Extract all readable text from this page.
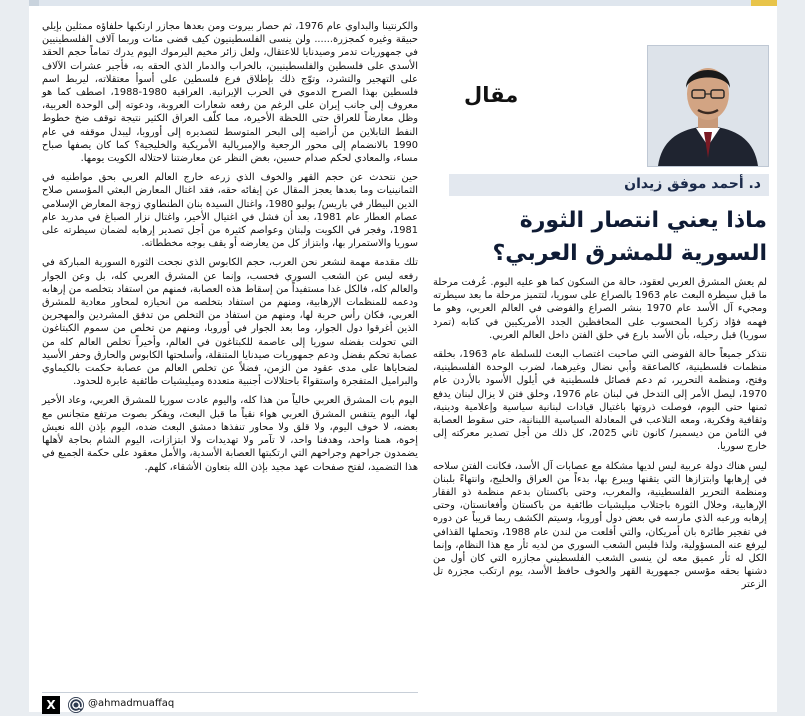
والكرنتينا والبداوي عام 1976، ثم حصار بيروت ومن بعدها مجازر ارتكبها حلفاؤه ممثلين بإيلي حبيقة وغيره كمجزرة...... ولن ينسى الفلسطينيون كيف قضى مئات وربما آلاف الفلسطينيين في جمهوريات تدمر وصيدنايا للاعتقال، ولعل زائر مخيم اليرموك اليوم يدرك تماماً حجم الحقد الأسدي على فلسطين والفلسطينيين، بالخراب والدمار الذي الحقه به، فأجبر عشرات الآلاف على التهجير والتشرد، وتوّج ذلك بإطلاق فرع فلسطين على أسوأ معتقلاته، ليربط اسم فلسطين بهذا الصرح الدموي في الحرب الإيرانية. العراقية 1980-1988، اصطف كما هو معروف إلى جانب إيران على الرغم من رفعه شعارات العروبة، ودعوته إلى الوحدة العربية، وظل معارضاً للعراق حتى اللحظة الأخيرة، مما كلّف العراق الكثير نتيجة توقف ضخ خطوط النفط التابلاين من أراضيه إلى البحر المتوسط لتصديره إلى أوروبا، ليبدل موقفه في عام 1990 بالانضمام إلى محور الرجعية والإمبريالية الأمريكية والخليجية؟ كما كان يصفها صباح مساء، والمعادي لحكم صدام حسين، بغض النظر عن معارضتنا لاحتلاله الكويت يومها.

حين نتحدث عن حجم القهر والخوف الذي زرعه خارج العالم العربي بحق مواطنيه في الثمانينيات وما بعدها يعجز المقال عن إيفائه حقه، فقد اغتال المعارض البعثي المؤسس صلاح الدين البيطار في باريس/ يوليو 1980، واغتال السيدة بنان الطنطاوي زوجة المعارض الإسلامي عصام العطار عام 1981، بعد أن فشل في اغتيال الأخير، واغتال نزار الصباغ في مدريد عام 1981، وفجر في الكويت ولبنان وعواصم كثيرة من أجل تصدير إرهابه لضمان سيطرته على سوريا والاستمرار بها، وابتزاز كل من يعارضه أو يقف بوجه مخططاته.

تلك مقدمة مهمة لنشعر نحن العرب، حجم الكابوس الذي نجحت الثورة السورية المباركة في رفعه ليس عن الشعب السوري فحسب، وإنما عن المشرق العربي كله، بل وعن الجوار والعالم كله، فالكل غدا مستفيداً من إسقاط هذه العصابة، فمنهم من استفاد بتخلصه من إرهابه ودعمه للمنظمات الإرهابية، ومنهم من استفاد بتخلصه من انحيازه لمحاور معادية للمشرق العربي، فكان رأس حربة لها، ومنهم من استفاد من التخلص من تدفق المشردين والمهجرين الذين أغرقوا دول الجوار، وما بعد الجوار في أوروبا، ومنهم من تخلص من سموم الكبتاغون التي تحولت بفضله سوريا إلى عاصمة للكبتاغون في العالم، وأخيراً تخلص العالم كله من عصابة تحكم بفضل ودعم جمهوريات صيدنايا المتنقلة، وأسلحتها الكابوس والحارق وحفر الأسيد لضحاياها على مدى عقود من الزمن، فضلاً عن تخلص العالم من عصابة حكمت بالكيماوي والبراميل المتفجرة واستقواءً باحتلالات أجنبية متعددة وميليشيات طائفية عابرة للحدود.

اليوم بات المشرق العربي خالياً من هذا كله، واليوم عادت سوريا للمشرق العربي، وعاد الأخير لها، اليوم يتنفس المشرق العربي هواء نقياً ما قبل البعث، ويفكر بصوت مرتفع متجانس مع بعضه، لا خوف اليوم، ولا قلق ولا محاور تنفذها دمشق البعث ضده، اليوم بإذن الله نعيش إخوة، همنا واحد، وهدفنا واحد، لا تآمر ولا تهديدات ولا ابتزازات، اليوم الشام بحاجة لأهلها يضمدون جراحهم وجراحهم التي ارتكبتها العصابة الأسدية، والأمل معقود على حكمة الجميع في هذا التضميد، لفتح صفحات عهد مجيد بإذن الله بتعاون الأشقاء، كلهم.

X	@ahmadmuaffaq
مقال
د. أحمد موفق زيدان
ماذا يعني انتصار الثورة السورية للمشرق العربي؟

لم يعش المشرق العربي لعقود، حالة من السكون كما هو عليه اليوم. عُرفت مرحلة ما قبل سيطرة البعث عام 1963 بالصراع على سوريا، لتتميز مرحلة ما بعد سيطرته ومجيء آل الأسد عام 1970 بنشر الصراع والفوضى في العالم العربي، وهو ما فهمه فؤاد زكريا المحسوب على المحافظين الجدد الأمريكيين في كتابه (تمرد سوريا) قبل رحيله، بأن الأسد بارع في خلق الفتن داخل العالم العربي.

نتذكر جميعاً حالة الفوضى التي صاحبت اغتصاب البعث للسلطة عام 1963، بخلقه منظمات فلسطينية، كالصاعقة وأبي نضال وغيرهما، لضرب الوحدة الفلسطينية، وفتح، ومنظمة التحرير، ثم دعم فصائل فلسطينية في أيلول الأسود بالأردن عام 1970، ليصل الأمر إلى التدخل في لبنان عام 1976، وخلق فتن لا يزال لبنان يدفع ثمنها حتى اليوم، فوصلت ذروتها باغتيال قيادات لبنانية سياسية وإعلامية ودينية، وثقافية وفكرية، ومعه التلاعب في المعادلة السياسية اللبنانية، حتى سقوط العصابة في الثامن من ديسمبر/ كانون ثاني 2025، كل ذلك من أجل تصدير معركته إلى خارج سوريا.

ليس هناك دولة عربية ليس لديها مشكلة مع عصابات آل الأسد، فكانت الفتن سلاحه في إرهابها وابتزازها التي يتقنها ويبرع بها، بدءاً من العراق والخليج، وانتهاءً بلبنان ومنظمة التحرير الفلسطينية، والمغرب، وحتى باكستان بدعم منظمة ذو الفقار الإرهابية، وخلال الثورة باجتلاب ميليشيات طائفية من باكستان وأفغانستان، وحتى إرهابه ورعبه الذي مارسه في بعض دول أوروبا، وسيتم الكشف ربما قريباً عن دوره في تفجير طائرة بان أمريكان، والتي أقلعت من لندن عام 1988، وتحملها القذافي ليرفع عنه المسؤولية، ولذا فليس الشعب السوري من لديه ثأر مع هذا النظام، وإنما الكل له ثأر عميق معه لن ينسى الشعب الفلسطيني مجازره التي كان أول من دشنها بحقه مؤسس جمهورية القهر والخوف حافظ الأسد، يوم ارتكب مجزرة تل الزعتر
